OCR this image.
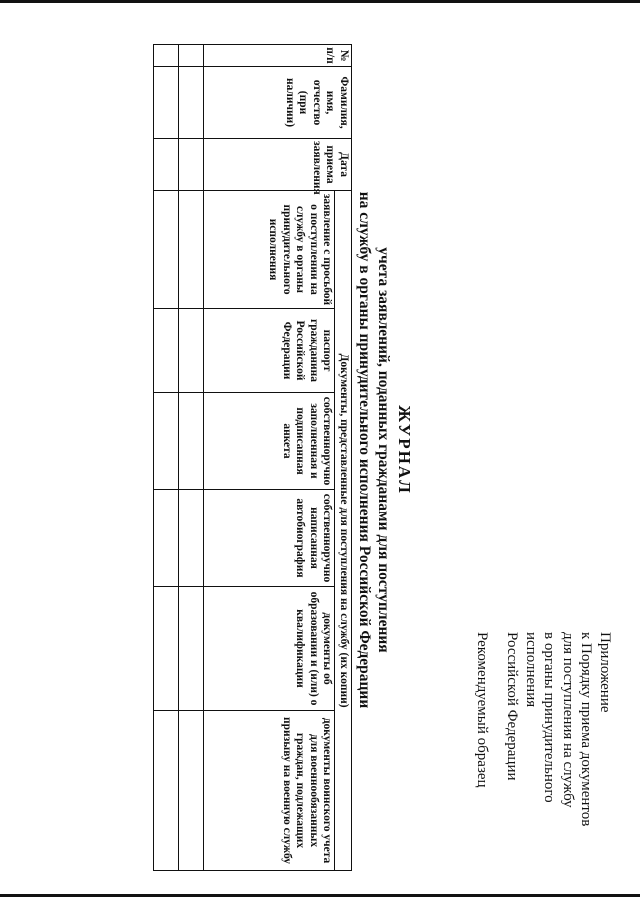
Приложение
к Порядку приема документов
для поступления на службу
в органы принудительного
исполнения
Российской Федерации
Рекомендуемый образец
ЖУРНАЛ
учета заявлений, поданных гражданами для поступления
на службу в органы принудительного исполнения Российской Федерации
№ п/п	Фамилия, имя, отчество (при наличии)	Дата приема заявления	Документы, представленные для поступления на службу (их копии)					
			заявление с просьбой о поступлении на службу в органы принудительного исполнения	паспорт гражданина Российской Федерации	собственноручно заполненная и подписанная анкета	собственноручно написанная автобиография	документы об образовании и (или) о квалификации	документы воинского учета для военнообязанных граждан, подлежащих призыву на военную службу
